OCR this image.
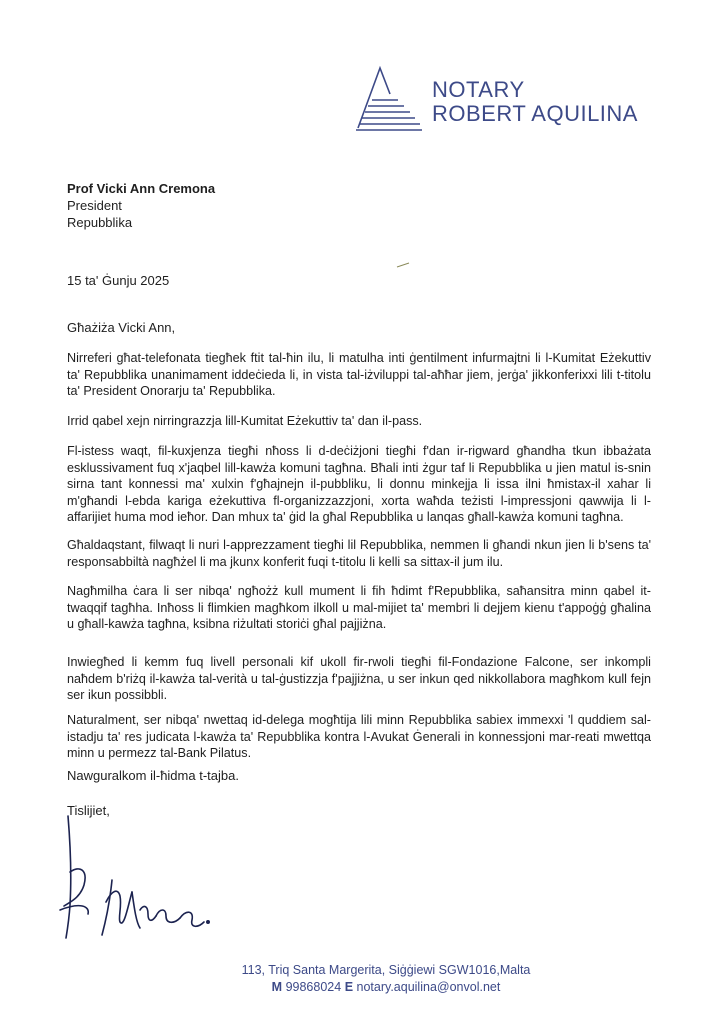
NOTARY
ROBERT AQUILINA
Prof Vicki Ann Cremona
President
Repubblika
15 ta' Ġunju 2025
Għażiża Vicki Ann,

Nirreferi għat-telefonata tiegħek ftit tal-ħin ilu, li matulha inti ġentilment infurmajtni li l-Kumitat Eżekuttiv ta' Repubblika unanimament iddeċieda li, in vista tal-iżviluppi tal-aħħar jiem, jerġa' jikkonferixxi lili t-titolu ta' President Onorarju ta' Repubblika.

Irrid qabel xejn nirringrazzja lill-Kumitat Eżekuttiv ta' dan il-pass.

Fl-istess waqt, fil-kuxjenza tiegħi nħoss li d-deċiżjoni tiegħi f'dan ir-rigward għandha tkun ibbażata esklussivament fuq x'jaqbel lill-kawża komuni tagħna. Bħali inti żgur taf li Repubblika u jien matul is-snin sirna tant konnessi ma' xulxin f'għajnejn il-pubbliku, li donnu minkejja li issa ilni ħmistax-il xahar li m'għandi l-ebda kariga eżekuttiva fl-organizzazzjoni, xorta waħda teżisti l-impressjoni qawwija li l-affarijiet huma mod ieħor. Dan mhux ta' ġid la għal Repubblika u lanqas għall-kawża komuni tagħna.

Għaldaqstant, filwaqt li nuri l-apprezzament tiegħi lil Repubblika, nemmen li għandi nkun jien li b'sens ta' responsabbiltà nagħżel li ma jkunx konferit fuqi t-titolu li kelli sa sittax-il jum ilu.

Nagħmilha ċara li ser nibqa' ngħożż kull mument li fih ħdimt f'Repubblika, saħansitra minn qabel it-twaqqif tagħha. Inħoss li flimkien magħkom ilkoll u mal-mijiet ta' membri li dejjem kienu t'appoġġ għalina u għall-kawża tagħna, ksibna riżultati storiċi għal pajjiżna.

Inwiegħed li kemm fuq livell personali kif ukoll fir-rwoli tiegħi fil-Fondazione Falcone, ser inkompli naħdem b'riżq il-kawża tal-verità u tal-ġustizzja f'pajjiżna, u ser inkun qed nikkollabora magħkom kull fejn ser ikun possibbli.

Naturalment, ser nibqa' nwettaq id-delega mogħtija lili minn Repubblika sabiex immexxi 'l quddiem sal-istadju ta' res judicata l-kawża ta' Repubblika kontra l-Avukat Ġenerali in konnessjoni mar-reati mwettqa minn u permezz tal-Bank Pilatus.

Nawguralkom il-ħidma t-tajba.
Tislijiet,
113, Triq Santa Margerita, Siġġiewi SGW1016,Malta
M 99868024 E notary.aquilina@onvol.net
